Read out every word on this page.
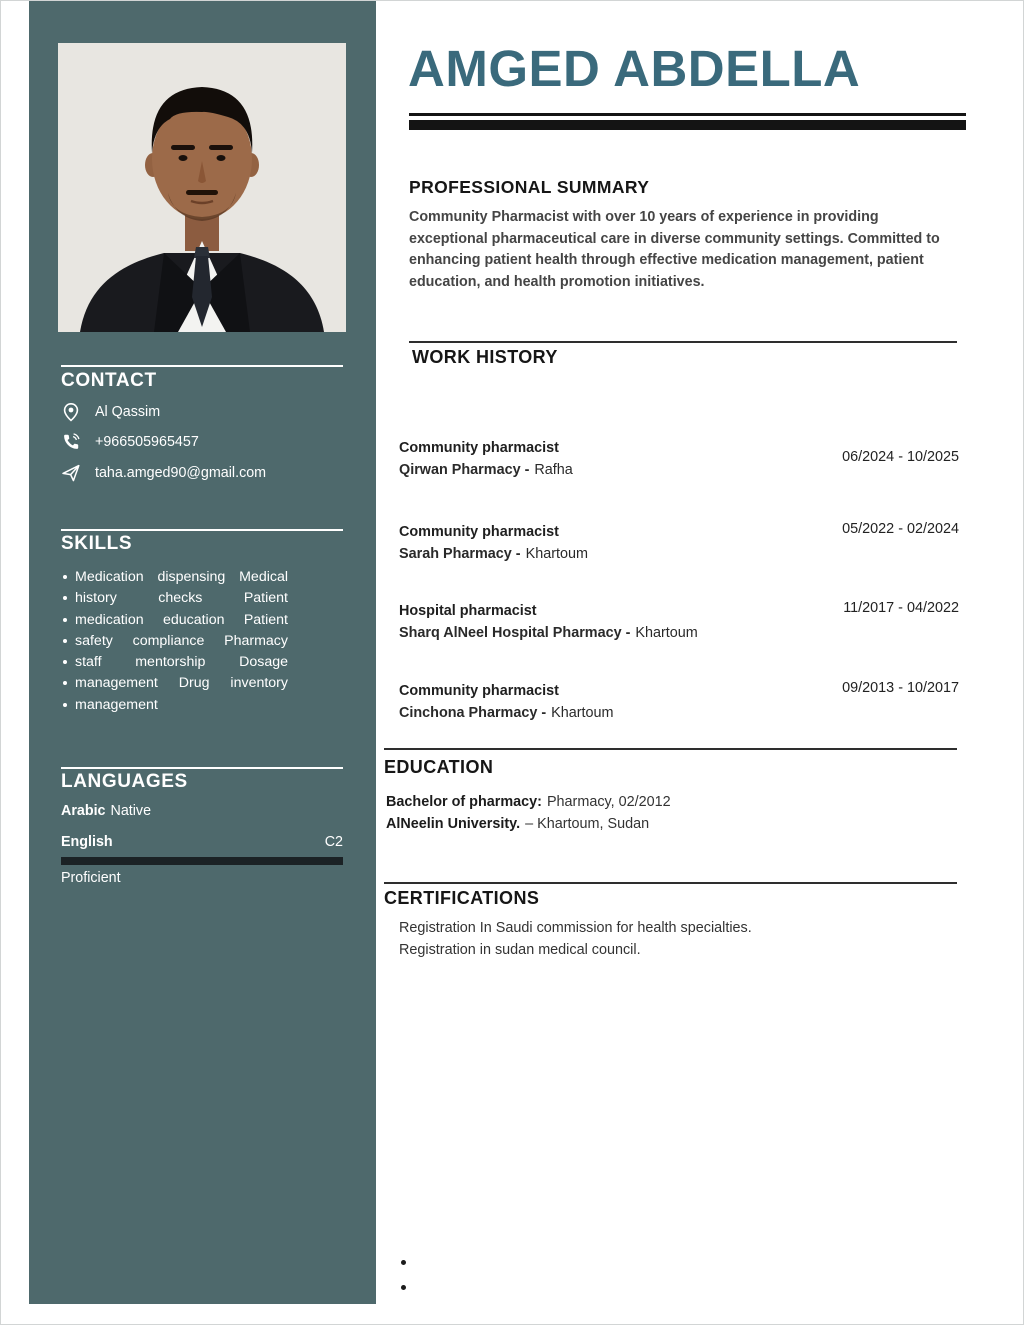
CONTACT
Al Qassim
+966505965457
taha.amged90@gmail.com
SKILLS
Medication dispensing Medical
history checks Patient
medication education Patient
safety compliance Pharmacy
staff mentorship Dosage
management Drug inventory
management
LANGUAGES
Arabic Native
English	C2
Proficient
AMGED ABDELLA
PROFESSIONAL SUMMARY

Community Pharmacist with over 10 years of experience in providing exceptional pharmaceutical care in diverse community settings. Committed to enhancing patient health through effective medication management, patient education, and health promotion initiatives.

WORK HISTORY
Community pharmacist
Qirwan Pharmacy - Rafha
06/2024 - 10/2025
Community pharmacist
Sarah Pharmacy - Khartoum
05/2022 - 02/2024
Hospital pharmacist
Sharq AlNeel Hospital Pharmacy - Khartoum
11/2017 - 04/2022
Community pharmacist
Cinchona Pharmacy - Khartoum
09/2013 - 10/2017
EDUCATION
Bachelor of pharmacy: Pharmacy, 02/2012
AlNeelin University. – Khartoum, Sudan
CERTIFICATIONS
Registration In Saudi commission for health specialties.
Registration in sudan medical council.
